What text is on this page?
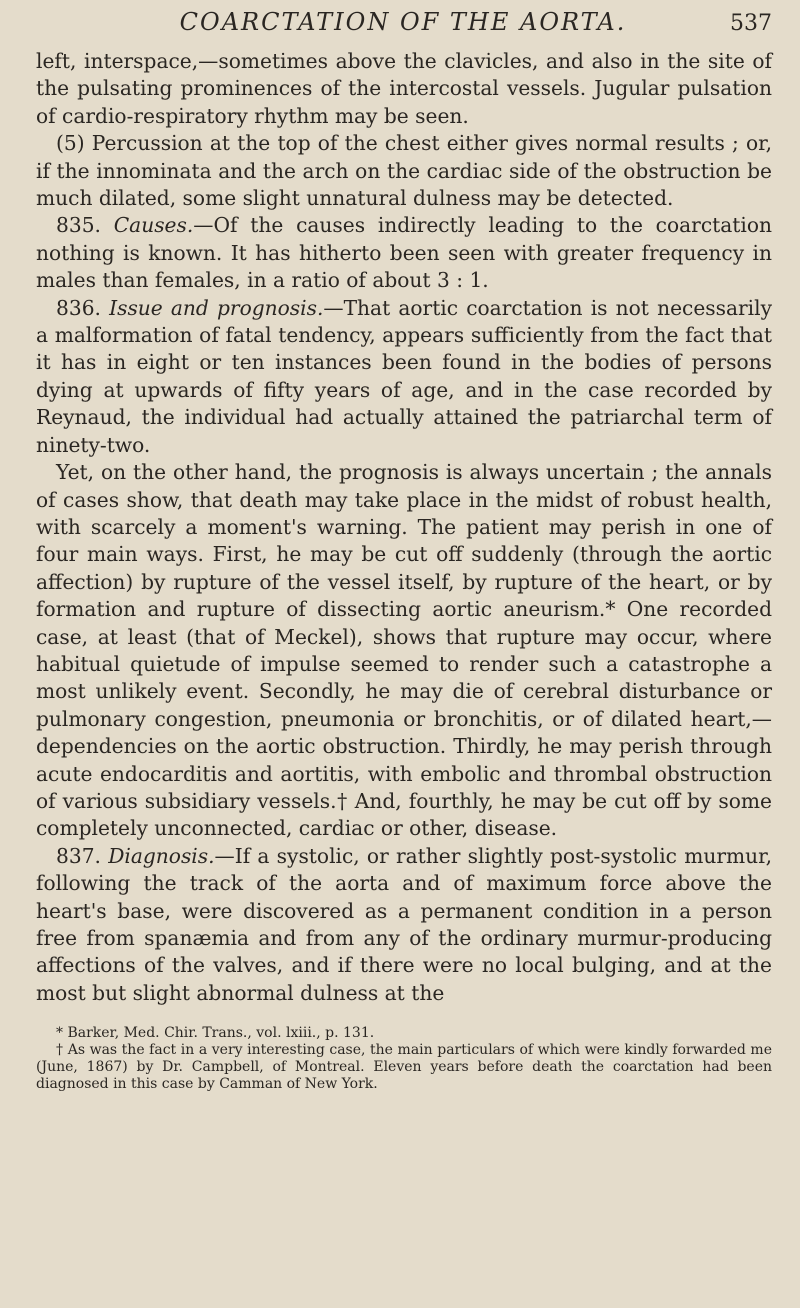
COARCTATION OF THE AORTA.	537

left, interspace,—sometimes above the clavicles, and also in the site of the pulsating prominences of the intercostal vessels. Jugular pulsation of cardio-respiratory rhythm may be seen.

(5) Percussion at the top of the chest either gives normal results ; or, if the innominata and the arch on the cardiac side of the obstruction be much dilated, some slight unnatural dulness may be detected.

835. Causes.—Of the causes indirectly leading to the coarctation nothing is known. It has hitherto been seen with greater frequency in males than females, in a ratio of about 3 : 1.

836. Issue and prognosis.—That aortic coarctation is not necessarily a malformation of fatal tendency, appears sufficiently from the fact that it has in eight or ten instances been found in the bodies of persons dying at upwards of fifty years of age, and in the case recorded by Reynaud, the individual had actually attained the patriarchal term of ninety-two.

Yet, on the other hand, the prognosis is always uncertain ; the annals of cases show, that death may take place in the midst of robust health, with scarcely a moment's warning. The patient may perish in one of four main ways. First, he may be cut off suddenly (through the aortic affection) by rupture of the vessel itself, by rupture of the heart, or by formation and rupture of dissecting aortic aneurism.* One recorded case, at least (that of Meckel), shows that rupture may occur, where habitual quietude of impulse seemed to render such a catastrophe a most unlikely event. Secondly, he may die of cerebral disturbance or pulmonary congestion, pneumonia or bronchitis, or of dilated heart,—dependencies on the aortic obstruction. Thirdly, he may perish through acute endocarditis and aortitis, with embolic and thrombal obstruction of various subsidiary vessels.† And, fourthly, he may be cut off by some completely unconnected, cardiac or other, disease.

837. Diagnosis.—If a systolic, or rather slightly post-systolic murmur, following the track of the aorta and of maximum force above the heart's base, were discovered as a permanent condition in a person free from spanæmia and from any of the ordinary murmur-producing affections of the valves, and if there were no local bulging, and at the most but slight abnormal dulness at the

* Barker, Med. Chir. Trans., vol. lxiii., p. 131.

† As was the fact in a very interesting case, the main particulars of which were kindly forwarded me (June, 1867) by Dr. Campbell, of Montreal. Eleven years before death the coarctation had been diagnosed in this case by Camman of New York.
